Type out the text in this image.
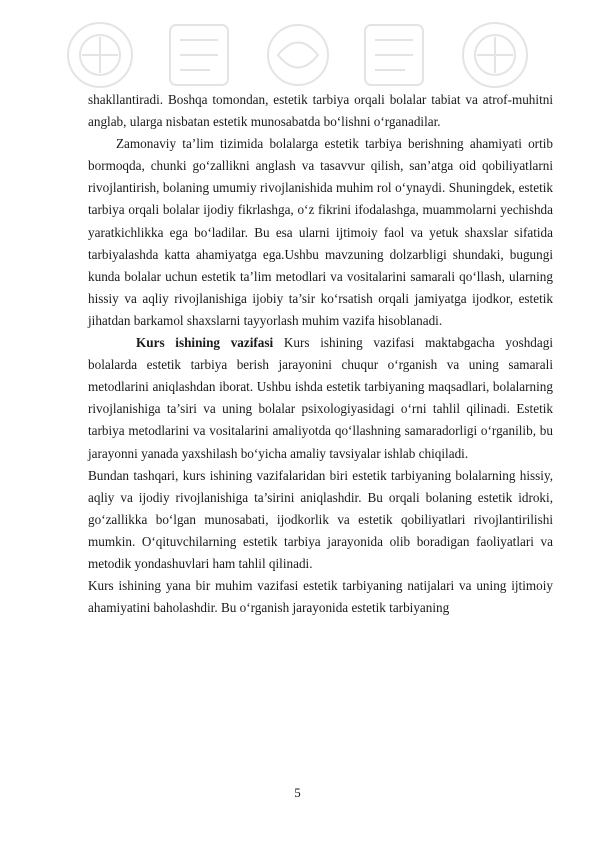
shakllantiradi. Boshqa tomondan, estetik tarbiya orqali bolalar tabiat va atrof-muhitni anglab, ularga nisbatan estetik munosabatda bo‘lishni o‘rganadilar.

Zamonaviy ta’lim tizimida bolalarga estetik tarbiya berishning ahamiyati ortib bormoqda, chunki go‘zallikni anglash va tasavvur qilish, san’atga oid qobiliyatlarni rivojlantirish, bolaning umumiy rivojlanishida muhim rol o‘ynaydi. Shuningdek, estetik tarbiya orqali bolalar ijodiy fikrlashga, o‘z fikrini ifodalashga, muammolarni yechishda yaratkichlikka ega bo‘ladilar. Bu esa ularni ijtimoiy faol va yetuk shaxslar sifatida tarbiyalashda katta ahamiyatga ega.Ushbu mavzuning dolzarbligi shundaki, bugungi kunda bolalar uchun estetik ta’lim metodlari va vositalarini samarali qo‘llash, ularning hissiy va aqliy rivojlanishiga ijobiy ta’sir ko‘rsatish orqali jamiyatga ijodkor, estetik jihatdan barkamol shaxslarni tayyorlash muhim vazifa hisoblanadi.

Kurs ishining vazifasi Kurs ishining vazifasi maktabgacha yoshdagi bolalarda estetik tarbiya berish jarayonini chuqur o‘rganish va uning samarali metodlarini aniqlashdan iborat. Ushbu ishda estetik tarbiyaning maqsadlari, bolalarning rivojlanishiga ta’siri va uning bolalar psixologiyasidagi o‘rni tahlil qilinadi. Estetik tarbiya metodlarini va vositalarini amaliyotda qo‘llashning samaradorligi o‘rganilib, bu jarayonni yanada yaxshilash bo‘yicha amaliy tavsiyalar ishlab chiqiladi.

Bundan tashqari, kurs ishining vazifalaridan biri estetik tarbiyaning bolalarning hissiy, aqliy va ijodiy rivojlanishiga ta’sirini aniqlashdir. Bu orqali bolaning estetik idroki, go‘zallikka bo‘lgan munosabati, ijodkorlik va estetik qobiliyatlari rivojlantirilishi mumkin. O‘qituvchilarning estetik tarbiya jarayonida olib boradigan faoliyatlari va metodik yondashuvlari ham tahlil qilinadi.

Kurs ishining yana bir muhim vazifasi estetik tarbiyaning natijalari va uning ijtimoiy ahamiyatini baholashdir. Bu o‘rganish jarayonida estetik tarbiyaning

5
